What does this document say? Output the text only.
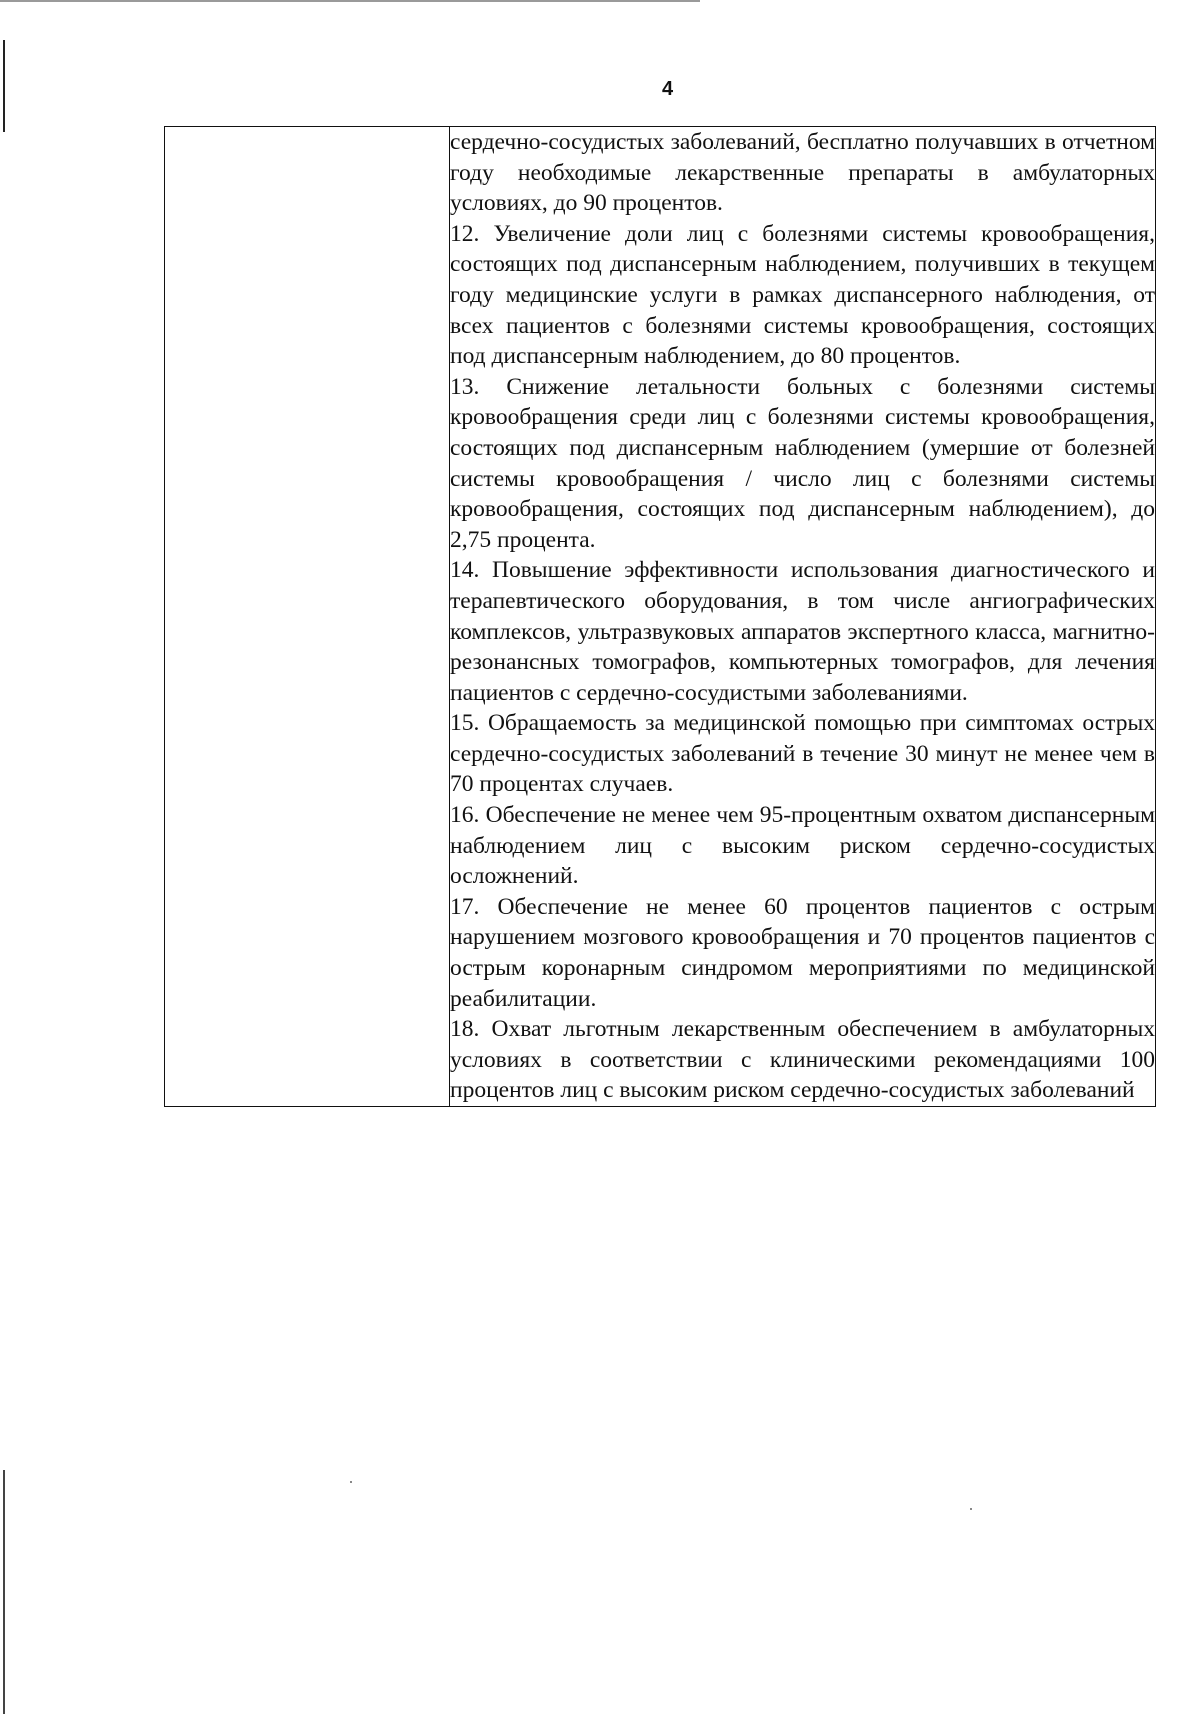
4

сердечно-сосудистых заболеваний, бесплатно получавших в отчетном году необходимые лекарственные препараты в амбулаторных условиях, до 90 процентов.
12. Увеличение доли лиц с болезнями системы кровообращения, состоящих под диспансерным наблюдением, получивших в текущем году медицинские услуги в рамках диспансерного наблюдения, от всех пациентов с болезнями системы кровообращения, состоящих под диспансерным наблюдением, до 80 процентов.
13. Снижение летальности больных с болезнями системы кровообращения среди лиц с болезнями системы кровообращения, состоящих под диспансерным наблюдением (умершие от болезней системы кровообращения / число лиц с болезнями системы кровообращения, состоящих под диспансерным наблюдением), до 2,75 процента.
14. Повышение эффективности использования диагностического и терапевтического оборудования, в том числе ангиографических комплексов, ультразвуковых аппаратов экспертного класса, магнитно-резонансных томографов, компьютерных томографов, для лечения пациентов с сердечно-сосудистыми заболеваниями.
15. Обращаемость за медицинской помощью при симптомах острых сердечно-сосудистых заболеваний в течение 30 минут не менее чем в 70 процентах случаев.
16. Обеспечение не менее чем 95-процентным охватом диспансерным наблюдением лиц с высоким риском сердечно-сосудистых осложнений.
17. Обеспечение не менее 60 процентов пациентов с острым нарушением мозгового кровообращения и 70 процентов пациентов с острым коронарным синдромом мероприятиями по медицинской реабилитации.
18. Охват льготным лекарственным обеспечением в амбулаторных условиях в соответствии с клиническими рекомендациями 100 процентов лиц с высоким риском сердечно-сосудистых заболеваний
